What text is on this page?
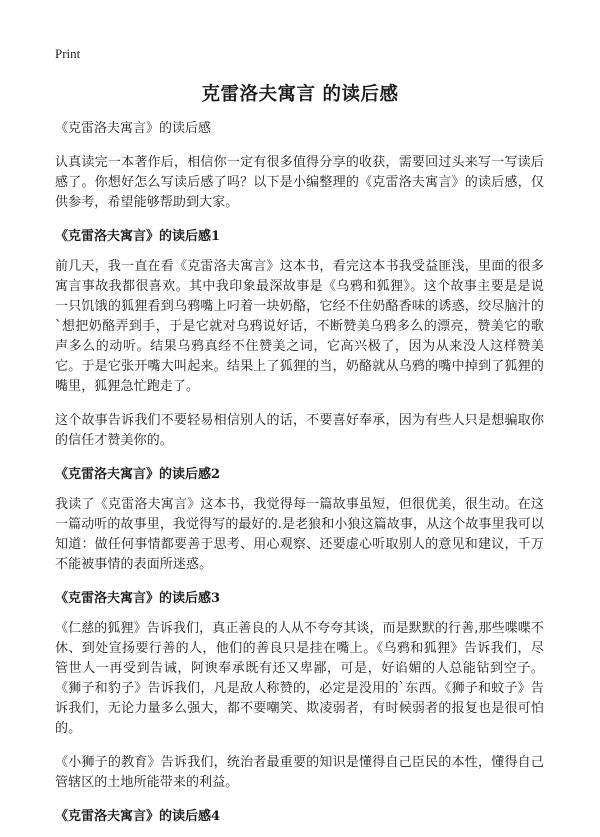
Print
克雷洛夫寓言 的读后感
《克雷洛夫寓言》的读后感

认真读完一本著作后，相信你一定有很多值得分享的收获，需要回过头来写一写读后感了。你想好怎么写读后感了吗？以下是小编整理的《克雷洛夫寓言》的读后感，仅供参考，希望能够帮助到大家。

《克雷洛夫寓言》的读后感1

前几天，我一直在看《克雷洛夫寓言》这本书，看完这本书我受益匪浅，里面的很多寓言事故我都很喜欢。其中我印象最深故事是《乌鸦和狐狸》。这个故事主要是是说一只饥饿的狐狸看到乌鸦嘴上叼着一块奶酪，它经不住奶酪香味的诱惑，绞尽脑汁的`想把奶酪弄到手，于是它就对乌鸦说好话，不断赞美乌鸦多么的漂亮，赞美它的歌声多么的动听。结果乌鸦真经不住赞美之词，它高兴极了，因为从来没人这样赞美它。于是它张开嘴大叫起来。结果上了狐狸的当，奶酪就从乌鸦的嘴中掉到了狐狸的嘴里，狐狸急忙跑走了。

这个故事告诉我们不要轻易相信别人的话，不要喜好奉承，因为有些人只是想骗取你的信任才赞美你的。

《克雷洛夫寓言》的读后感2

我读了《克雷洛夫寓言》这本书，我觉得每一篇故事虽短，但很优美，很生动。在这一篇动听的故事里，我觉得写的最好的.是老狼和小狼这篇故事，从这个故事里我可以知道：做任何事情都要善于思考、用心观察、还要虚心听取别人的意见和建议，千万不能被事情的表面所迷惑。

《克雷洛夫寓言》的读后感3

《仁慈的狐狸》告诉我们，真正善良的人从不夸夸其谈，而是默默的行善,那些喋喋不休、到处宣扬要行善的人，他们的善良只是挂在嘴上。《乌鸦和狐狸》告诉我们，尽管世人一再受到告诫，阿谀奉承既有还又卑鄙，可是，好谄媚的人总能钻到空子。《狮子和豹子》告诉我们，凡是敌人称赞的，必定是没用的`东西。《狮子和蚊子》告诉我们，无论力量多么强大，都不要嘲笑、欺凌弱者，有时候弱者的报复也是很可怕的。

《小狮子的教育》告诉我们，统治者最重要的知识是懂得自己臣民的本性，懂得自己管辖区的土地所能带来的利益。

《克雷洛夫寓言》的读后感4
